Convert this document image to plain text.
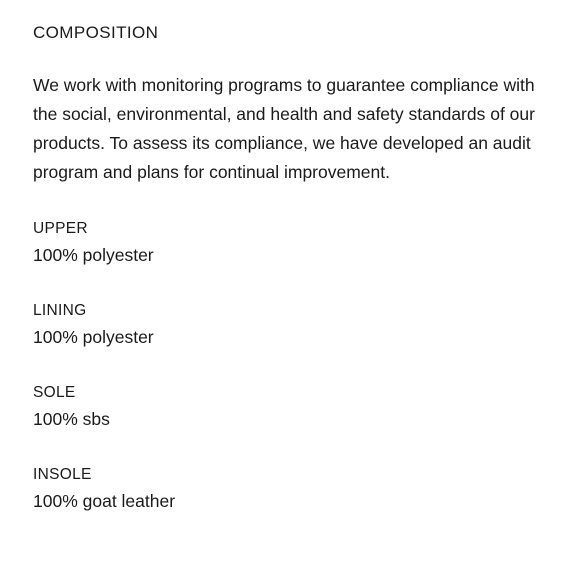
COMPOSITION

We work with monitoring programs to guarantee compliance with the social, environmental, and health and safety standards of our products. To assess its compliance, we have developed an audit program and plans for continual improvement.

UPPER
100% polyester
LINING
100% polyester
SOLE
100% sbs
INSOLE
100% goat leather
